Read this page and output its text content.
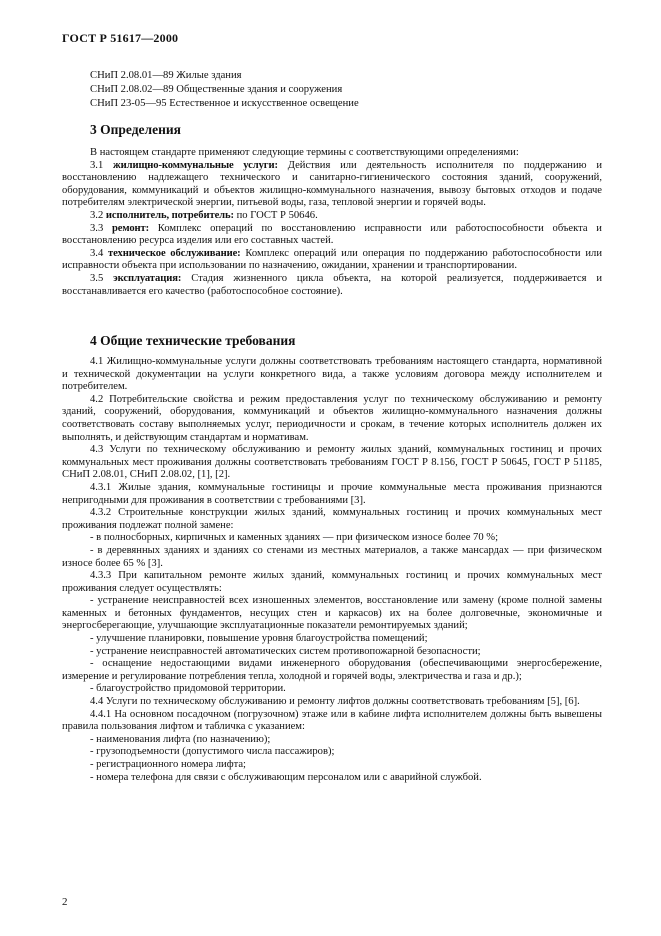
ГОСТ Р 51617—2000
СНиП 2.08.01—89 Жилые здания
СНиП 2.08.02—89 Общественные здания и сооружения
СНиП 23-05—95 Естественное и искусственное освещение
3 Определения

В настоящем стандарте применяют следующие термины с соответствующими определениями:

3.1 жилищно-коммунальные услуги: Действия или деятельность исполнителя по поддержанию и восстановлению надлежащего технического и санитарно-гигиенического состояния зданий, сооружений, оборудования, коммуникаций и объектов жилищно-коммунального назначения, вывозу бытовых отходов и подаче потребителям электрической энергии, питьевой воды, газа, тепловой энергии и горячей воды.

3.2 исполнитель, потребитель: по ГОСТ Р 50646.

3.3 ремонт: Комплекс операций по восстановлению исправности или работоспособности объекта и восстановлению ресурса изделия или его составных частей.

3.4 техническое обслуживание: Комплекс операций или операция по поддержанию работоспособности или исправности объекта при использовании по назначению, ожидании, хранении и транспортировании.

3.5 эксплуатация: Стадия жизненного цикла объекта, на которой реализуется, поддерживается и восстанавливается его качество (работоспособное состояние).

4 Общие технические требования

4.1 Жилищно-коммунальные услуги должны соответствовать требованиям настоящего стандарта, нормативной и технической документации на услуги конкретного вида, а также условиям договора между исполнителем и потребителем.

4.2 Потребительские свойства и режим предоставления услуг по техническому обслуживанию и ремонту зданий, сооружений, оборудования, коммуникаций и объектов жилищно-коммунального назначения должны соответствовать составу выполняемых услуг, периодичности и срокам, в течение которых исполнитель должен их выполнять, и действующим стандартам и нормативам.

4.3 Услуги по техническому обслуживанию и ремонту жилых зданий, коммунальных гостиниц и прочих коммунальных мест проживания должны соответствовать требованиям ГОСТ Р 8.156, ГОСТ Р 50645, ГОСТ Р 51185, СНиП 2.08.01, СНиП 2.08.02, [1], [2].

4.3.1 Жилые здания, коммунальные гостиницы и прочие коммунальные места проживания признаются непригодными для проживания в соответствии с требованиями [3].

4.3.2 Строительные конструкции жилых зданий, коммунальных гостиниц и прочих коммунальных мест проживания подлежат полной замене:

- в полносборных, кирпичных и каменных зданиях — при физическом износе более 70 %;

- в деревянных зданиях и зданиях со стенами из местных материалов, а также мансардах — при физическом износе более 65 % [3].

4.3.3 При капитальном ремонте жилых зданий, коммунальных гостиниц и прочих коммунальных мест проживания следует осуществлять:

- устранение неисправностей всех изношенных элементов, восстановление или замену (кроме полной замены каменных и бетонных фундаментов, несущих стен и каркасов) их на более долговечные, экономичные и энергосберегающие, улучшающие эксплуатационные показатели ремонтируемых зданий;

- улучшение планировки, повышение уровня благоустройства помещений;

- устранение неисправностей автоматических систем противопожарной безопасности;

- оснащение недостающими видами инженерного оборудования (обеспечивающими энергосбережение, измерение и регулирование потребления тепла, холодной и горячей воды, электричества и газа и др.);

- благоустройство придомовой территории.

4.4 Услуги по техническому обслуживанию и ремонту лифтов должны соответствовать требованиям [5], [6].

4.4.1 На основном посадочном (погрузочном) этаже или в кабине лифта исполнителем должны быть вывешены правила пользования лифтом и табличка с указанием:

- наименования лифта (по назначению);

- грузоподъемности (допустимого числа пассажиров);

- регистрационного номера лифта;

- номера телефона для связи с обслуживающим персоналом или с аварийной службой.

2
